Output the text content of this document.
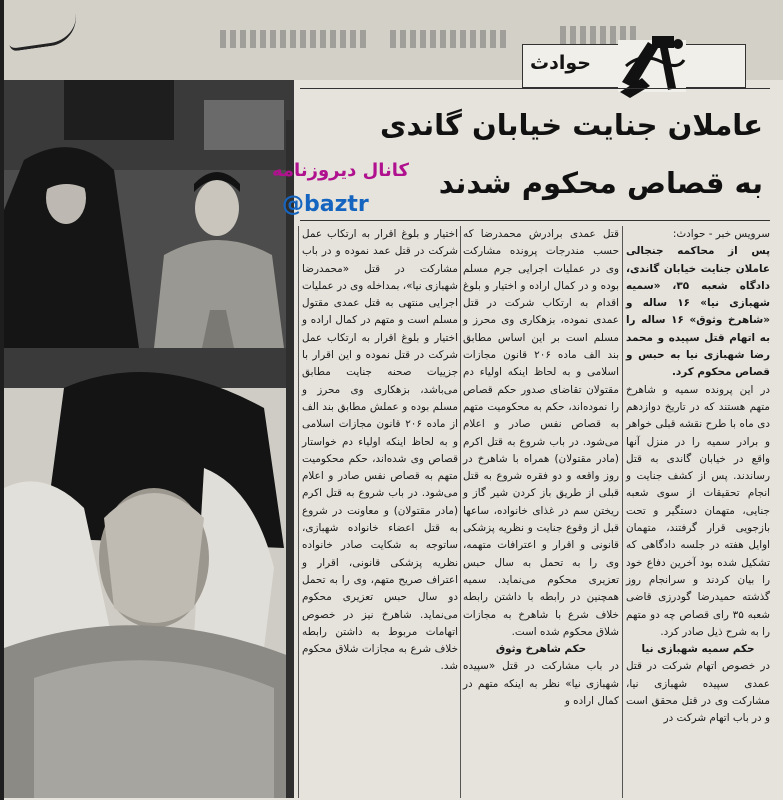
حوادث
عاملان جنایت خیابان گاندی
به قصاص محکوم شدند
کانال دیروزنامه
@baztr

سرویس خبر - حوادث:

پس از محاکمه جنجالی عاملان جنایت خیابان گاندی، دادگاه شعبه ۳۵، «سمیه شهبازی نیا» ۱۶ ساله و «شاهرخ وثوق» ۱۶ ساله را به اتهام قتل سپیده و محمد رضا شهبازی نیا به حبس و قصاص محکوم کرد.

در این پرونده سمیه و شاهرخ متهم هستند که در تاریخ دوازدهم دی ماه با طرح نقشه قبلی خواهر و برادر سمیه را در منزل آنها واقع در خیابان گاندی به قتل رساندند. پس از کشف جنایت و انجام تحقیقات از سوی شعبه جنایی، متهمان دستگیر و تحت بازجویی قرار گرفتند، متهمان اوایل هفته در جلسه دادگاهی که تشکیل شده بود آخرین دفاع خود را بیان کردند و سرانجام روز گذشته حمیدرضا گودرزی قاضی شعبه ۳۵ رای قصاص چه دو متهم را به شرح ذیل صادر کرد.

حکم سمیه شهبازی نیا

در خصوص اتهام شرکت در قتل عمدی سپیده شهبازی نیا، مشارکت وی در قتل محقق است و در باب اتهام شرکت در

قتل عمدی برادرش محمدرضا که حسب مندرجات پرونده مشارکت وی در عملیات اجرایی جرم مسلم بوده و در کمال اراده و اختیار و بلوغ اقدام به ارتکاب شرکت در قتل عمدی نموده، بزهکاری وی محرز و مسلم است بر این اساس مطابق بند الف ماده ۲۰۶ قانون مجازات اسلامی و به لحاظ اینکه اولیاء دم مقتولان تقاضای صدور حکم قصاص را نموده‌اند، حکم به محکومیت متهم به قصاص نفس صادر و اعلام می‌شود. در باب شروع به قتل اکرم (مادر مقتولان) همراه با شاهرخ در روز واقعه و دو فقره شروع به قتل قبلی از طریق باز کردن شیر گاز و ریختن سم در غذای خانواده، ساعها قبل از وقوع جنایت و نظریه پزشکی قانونی و اقرار و اعترافات متهمه، وی را به تحمل به سال حبس تعزیری محکوم می‌نماید. سمیه همچنین در رابطه با داشتن رابطه خلاف شرع با شاهرخ به مجازات شلاق محکوم شده است.

حکم شاهرخ وثوق

در باب مشارکت در قتل «سپیده شهبازی نیا» نظر به اینکه متهم در کمال اراده و

اختیار و بلوغ اقرار به ارتکاب عمل شرکت در قتل عمد نموده و در باب مشارکت در قتل «محمدرضا شهبازی نیا»، بمداخله وی در عملیات اجرایی منتهی به قتل عمدی مقتول مسلم است و متهم در کمال اراده و اختیار و بلوغ اقرار به ارتکاب عمل شرکت در قتل نموده و این اقرار با جزییات صحنه جنایت مطابق می‌باشد، بزهکاری وی محرز و مسلم بوده و عملش مطابق بند الف از ماده ۲۰۶ قانون مجازات اسلامی و به لحاظ اینکه اولیاء دم خواستار قصاص وی شده‌اند، حکم محکومیت متهم به قصاص نفس صادر و اعلام می‌شود. در باب شروع به قتل اکرم (مادر مقتولان) و معاونت در شروع به قتل اعضاء خانواده شهبازی، ساتوجه به شکایت صادر خانواده نظریه پزشکی قانونی، اقرار و اعتراف صریح متهم، وی را به تحمل دو سال حبس تعزیری محکوم می‌نماید. شاهرخ نیز در خصوص اتهامات مربوط به داشتن رابطه خلاف شرع به مجازات شلاق محکوم شد.
